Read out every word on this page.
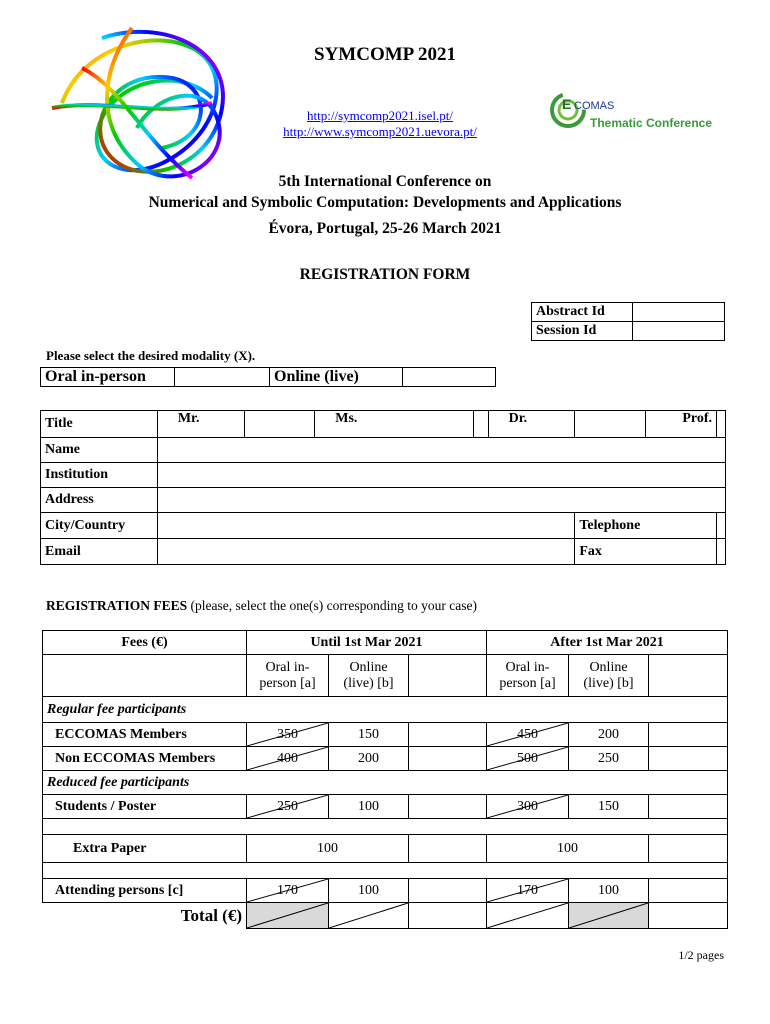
SYMCOMP 2021
http://symcomp2021.isel.pt/
http://www.symcomp2021.uevora.pt/
E COMAS
Thematic Conference
5th International Conference on
Numerical and Symbolic Computation: Developments and Applications
Évora, Portugal, 25-26 March 2021
REGISTRATION FORM
Abstract Id	
Session Id	
Please select the desired modality (X).
Oral in-person		Online (live)	
Title	Mr.		Ms.		Dr.		Prof.	
Name								
Institution								
Address								
City/Country						Telephone		
Email						Fax		
REGISTRATION FEES (please, select the one(s) corresponding to your case)
Fees (€)	Until 1st Mar 2021			After 1st Mar 2021		
	Oral in-person [a]	Online (live) [b]		Oral in-person [a]	Online (live) [b]	
Regular fee participants						
ECCOMAS Members	350	150		450	200	
Non ECCOMAS Members	400	200		500	250	
Reduced fee participants						
Students / Poster	250	100		300	150	

Extra Paper	100			100		

Attending persons [c]	170	100		170	100	
Total (€)	

1/2 pages
